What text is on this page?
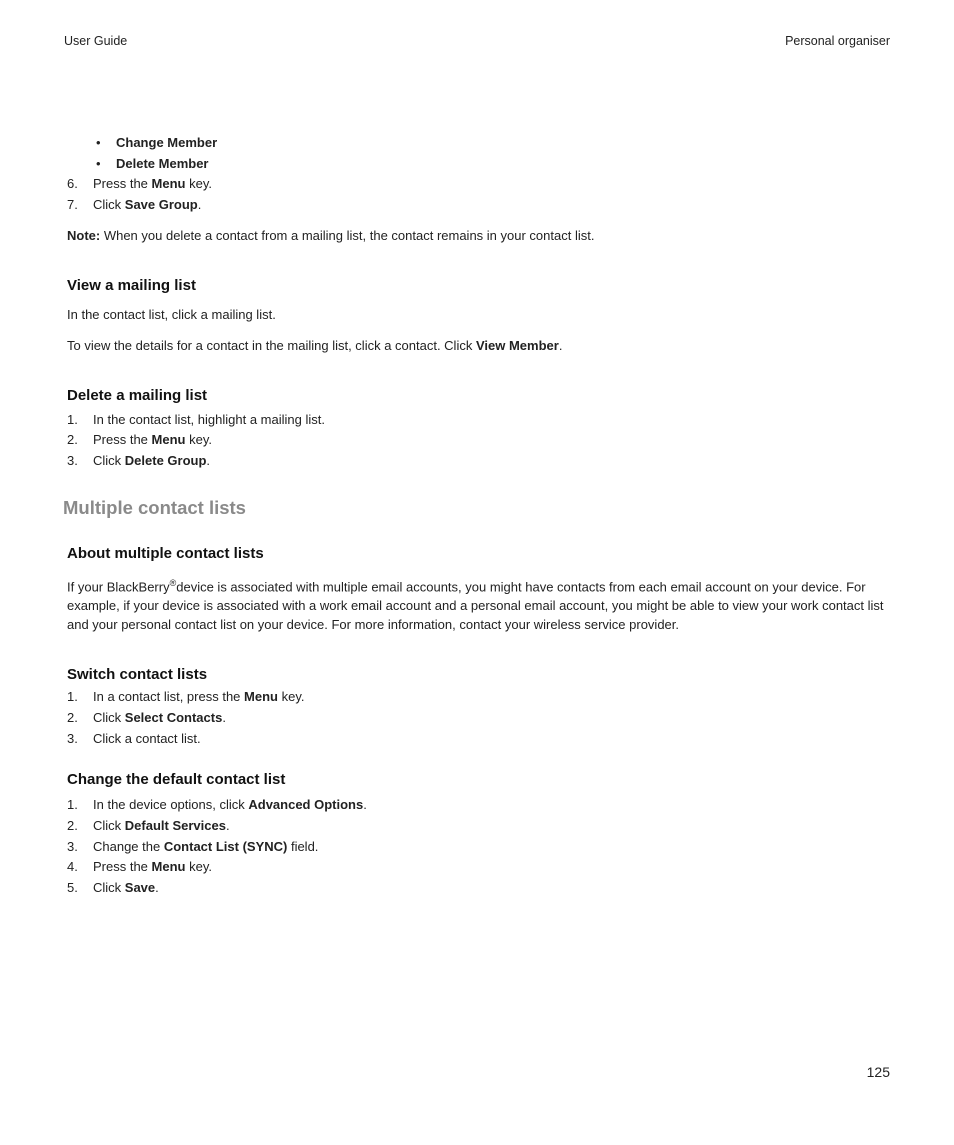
User Guide	Personal organiser
• Change Member
• Delete Member
6. Press the Menu key.
7. Click Save Group.

Note: When you delete a contact from a mailing list, the contact remains in your contact list.

View a mailing list

In the contact list, click a mailing list.

To view the details for a contact in the mailing list, click a contact. Click View Member.

Delete a mailing list
1. In the contact list, highlight a mailing list.
2. Press the Menu key.
3. Click Delete Group.
Multiple contact lists
About multiple contact lists

If your BlackBerry®device is associated with multiple email accounts, you might have contacts from each email account on your device. For example, if your device is associated with a work email account and a personal email account, you might be able to view your work contact list and your personal contact list on your device. For more information, contact your wireless service provider.

Switch contact lists
1. In a contact list, press the Menu key.
2. Click Select Contacts.
3. Click a contact list.
Change the default contact list
1. In the device options, click Advanced Options.
2. Click Default Services.
3. Change the Contact List (SYNC) field.
4. Press the Menu key.
5. Click Save.
125
